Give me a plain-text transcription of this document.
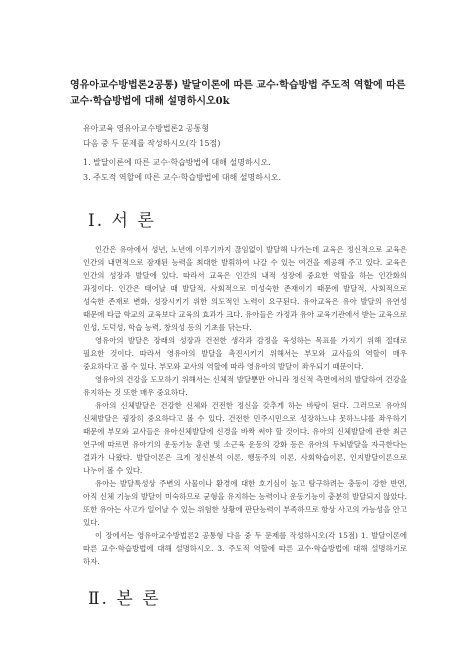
영유아교수방법론2공통) 발달이론에 따른 교수·학습방법 주도적 역할에 따른 교수·학습방법에 대해 설명하시오0k
유아교육 영유아교수방법론2 공통형
다음 중 두 문제를 작성하시오(각 15점)
1. 발달이론에 따른 교수·학습방법에 대해 설명하시오.
3. 주도적 역할에 따른 교수·학습방법에 대해 설명하시오.
Ⅰ. 서 론

인간은 유아에서 성년, 노년에 이루기까지 끊임없이 발달해 나가는데 교육은 정신적으로 교육은 인간의 내면적으로 잠재된 능력을 최대한 발휘하여 나갈 수 있는 여건을 제공해 주고 있다. 교육은 인간의 성장과 발달에 있다. 따라서 교육은 인간의 내적 성장에 중요한 역할을 하는 인간화의 과정이다. 인간은 태어날 때 발달적, 사회적으로 미성숙한 존재이기 때문에 발달적, 사회적으로 성숙한 존재로 변화, 성장시키기 위한 의도적인 노력이 요구된다. 유아교육은 유아 발달의 유연성 때문에 타급 학교의 교육보다 교육의 효과가 크다. 유아들은 가정과 유아 교육기관에서 받는 교육으로 인성, 도덕성, 학습 능력, 창의성 등의 기초를 닦는다.

영유아의 발달은 장래의 성장과 건전한 생각과 감정을 육성하는 목표를 가지기 위해 절대로 필요한 것이다. 따라서 영유아의 발달을 촉진시키기 위해서는 부모와 교사들의 역할이 매우 중요하다고 볼 수 있다. 부모와 교사의 역할에 따라 영유아의 발달이 좌우되기 때문이다.

영유아의 건강을 도모하기 위해서는 신체적 발달뿐만 아니라 정신적 측면에서의 발달하여 건강을 유지하는 것 또한 매우 중요하다.

유아의 신체발달은 건강한 신체와 건전한 정신을 갖추게 하는 바탕이 된다. 그러므로 유아의 신체발달은 굉장히 중요하다고 볼 수 있다. 건전한 민주시민으로 성장하느냐 못하느냐를 좌우하기 때문에 부모와 교사들은 유아신체발달에 신경을 바짝 써야 할 것이다. 유아의 신체발달에 관한 최근 연구에 따르면 유아기의 운동기능 훈련 및 소근육 운동의 강화 등은 유아의 두뇌발달을 자극한다는 결과가 나왔다. 발달이론은 크게 정신분석 이론, 행동주의 이론, 사회학습이론, 인지발달이론으로 나누어 볼 수 있다.

유아는 발달특성상 주변의 사물이나 환경에 대한 호기심이 높고 탐구하려는 충동이 강한 반면, 아직 신체 기능의 발달이 미숙하므로 균형을 유지하는 능력이나 운동기능이 충분히 발달되지 않았다. 또한 유아는 사고가 일어날 수 있는 위험한 상황에 판단능력이 부족하므로 항상 사고의 가능성을 안고 있다.

이 장에서는 영유아교수방법론2 공통형 다음 중 두 문제를 작성하시오(각 15점) 1. 발달이론에 따른 교수·학습방법에 대해 설명하시오. 3. 주도적 역할에 따른 교수·학습방법에 대해 설명하기로 하자.

Ⅱ. 본 론
